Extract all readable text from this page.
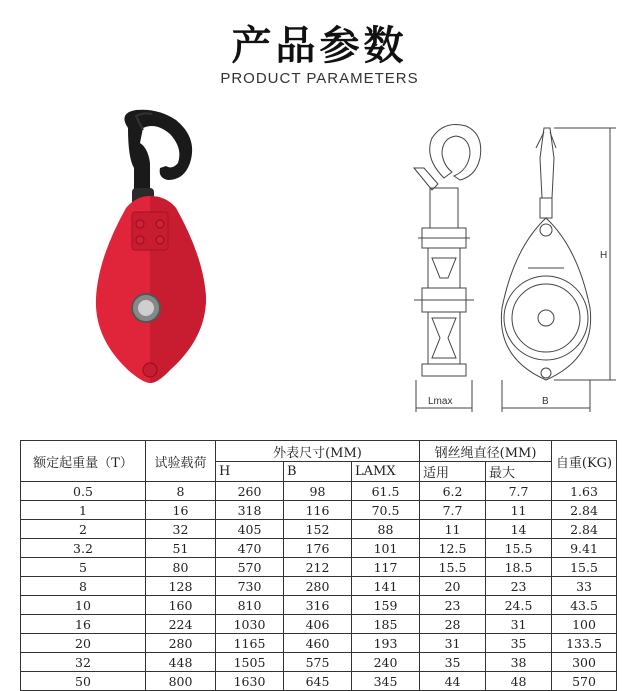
产品参数
PRODUCT PARAMETERS
H
Lmax	B
额定起重量（T）	试验载荷	外表尺寸(MM)			钢丝绳直径(MM)		自重(KG)
		H	B	LAMX	适用	最大	
0.5	8	260	98	61.5	6.2	7.7	1.63
1	16	318	116	70.5	7.7	11	2.84
2	32	405	152	88	11	14	2.84
3.2	51	470	176	101	12.5	15.5	9.41
5	80	570	212	117	15.5	18.5	15.5
8	128	730	280	141	20	23	33
10	160	810	316	159	23	24.5	43.5
16	224	1030	406	185	28	31	100
20	280	1165	460	193	31	35	133.5
32	448	1505	575	240	35	38	300
50	800	1630	645	345	44	48	570
